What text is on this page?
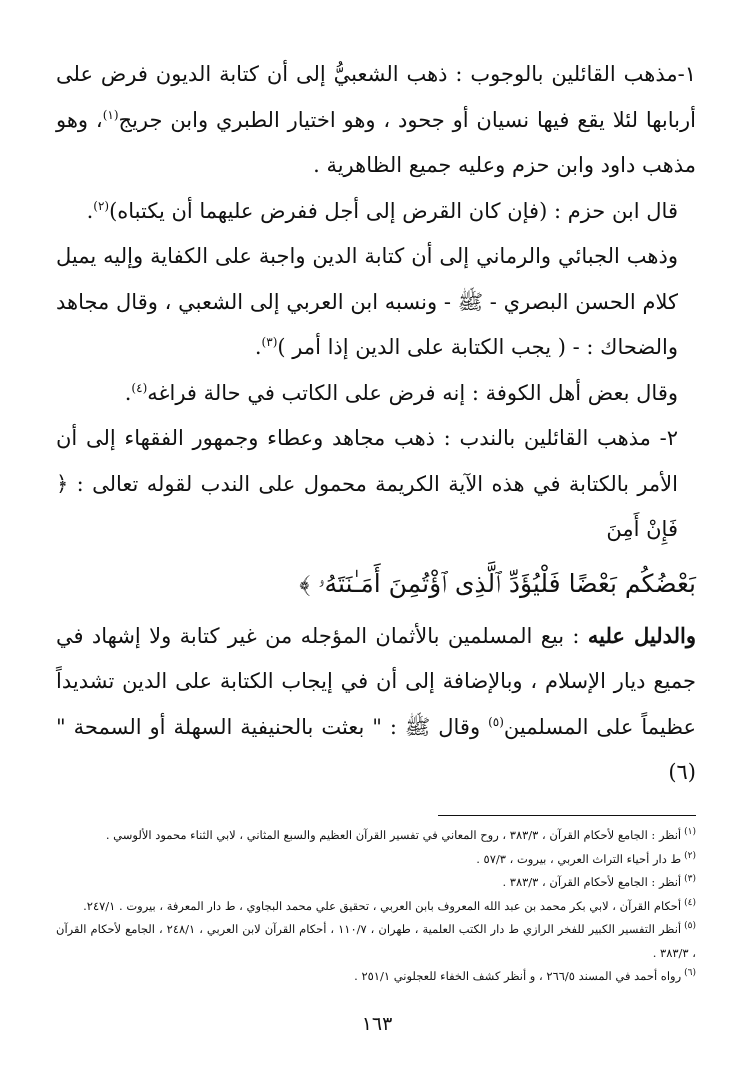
١-مذهب القائلين بالوجوب : ذهب الشعبيُّ إلى أن كتابة الديون فرض على أربابها لئلا يقع فيها نسيان أو جحود ، وهو اختيار الطبري وابن جريج$^{(١)}$، وهو مذهب داود وابن حزم وعليه جميع الظاهرية .

قال ابن حزم : (فإن كان القرض إلى أجل ففرض عليهما أن يكتباه)$^{(٢)}$.

وذهب الجبائي والرماني إلى أن كتابة الدين واجبة على الكفاية وإليه يميل كلام الحسن البصري - ﷺ - ونسبه ابن العربي إلى الشعبي ، وقال مجاهد والضحاك : - ( يجب الكتابة على الدين إذا أمر )$^{(٣)}$.

وقال بعض أهل الكوفة : إنه فرض على الكاتب في حالة فراغه$^{(٤)}$.

٢- مذهب القائلين بالندب : ذهب مجاهد وعطاء وجمهور الفقهاء إلى أن الأمر بالكتابة في هذه الآية الكريمة محمول على الندب لقوله تعالى : ﴿ فَإِنْ أَمِنَ

بَعْضُكُم بَعْضًا فَلْيُؤَدِّ ٱلَّذِى ٱؤْتُمِنَ أَمَـٰنَتَهُۥ ﴾

والدليل عليه : بيع المسلمين بالأثمان المؤجله من غير كتابة ولا إشهاد في جميع ديار الإسلام ، وبالإضافة إلى أن في إيجاب الكتابة على الدين تشديداً عظيماً على المسلمين$^{(٥)}$ وقال ﷺ : " بعثت بالحنيفية السهلة أو السمحة "(٦)

$^{(١)}$أنظر : الجامع لأحكام القرآن ، ٣٨٣/٣ ، روح المعاني في تفسير القرآن العظيم والسبع المثاني ، لابي الثناء محمود الألوسي .

$^{(٢)}$ط دار أحياء التراث العربي ، بيروت ، ٥٧/٣ .

$^{(٣)}$أنظر : الجامع لأحكام القرآن ، ٣٨٣/٣ .

$^{(٤)}$أحكام القرآن ، لابي بكر محمد بن عبد الله المعروف بابن العربي ، تحقيق علي محمد البجاوي ، ط دار المعرفة ، بيروت . ٢٤٧/١.

$^{(٥)}$أنظر التفسير الكبير للفخر الرازي ط دار الكتب العلمية ، طهران ، ١١٠/٧ ، أحكام القرآن لابن العربي ، ٢٤٨/١ ، الجامع لأحكام القرآن ، ٣٨٣/٣ .

$^{(٦)}$رواه أحمد في المسند ٢٦٦/٥ ، و أنظر كشف الخفاء للعجلوني ٢٥١/١ .

١٦٣
